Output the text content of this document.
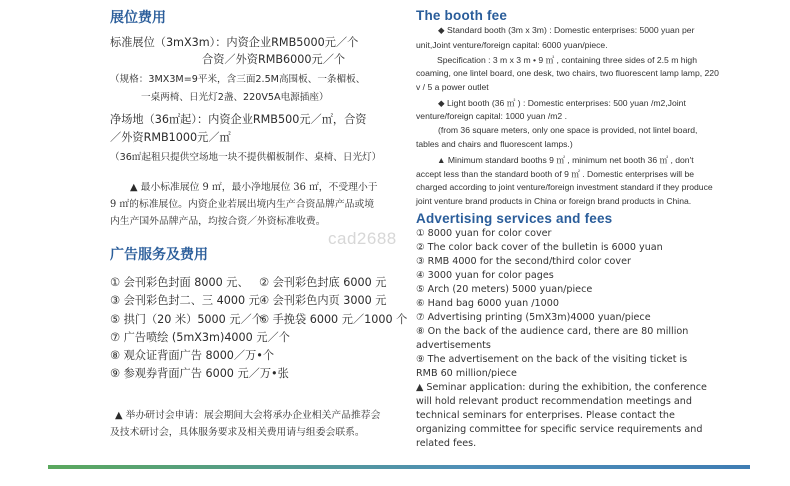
展位费用
标准展位（3mX3m）：内资企业RMB5000元／个
合资／外资RMB6000元／个
（规格：3MX3M=9平米，含三面2.5M高围板、一条楣板、
一桌两椅、日光灯2盏、220V5A电源插座）
净场地（36㎡起）：内资企业RMB500元／㎡，合资
／外资RMB1000元／㎡
（36㎡起租只提供空场地一块不提供楣板制作、桌椅、日光灯）
▲ 最小标准展位 9 ㎡，最小净地展位 36 ㎡，不受理小于
9 ㎡的标准展位。内资企业若展出境内生产合资品牌产品或境
内生产国外品牌产品，均按合资／外资标准收费。
广告服务及费用
① 会刊彩色封面 8000 元、 ② 会刊彩色封底 6000 元
③ 会刊彩色封二、三 4000 元 ④ 会刊彩色内页 3000 元
⑤ 拱门（20 米）5000 元／个
⑥ 手挽袋 6000 元／1000 个
⑦ 广告喷绘 (5mX3m)4000 元／个
⑧ 观众证背面广告 8000／万•个
⑨ 参观券背面广告 6000 元／万•张
▲ 举办研讨会申请：展会期间大会将承办企业相关产品推荐会
及技术研讨会，具体服务要求及相关费用请与组委会联系。
The booth fee
◆ Standard booth (3m x 3m) : Domestic enterprises: 5000 yuan per
unit,Joint venture/foreign capital: 6000 yuan/piece.
Specification : 3 m x 3 m • 9 ㎡ , containing three sides of 2.5 m high
coaming, one lintel board, one desk, two chairs, two fluorescent lamp lamp, 220
v / 5 a power outlet
◆ Light booth (36 ㎡ ) : Domestic enterprises: 500 yuan /m2,Joint
venture/foreign capital: 1000 yuan /m2 .
(from 36 square meters, only one space is provided, not lintel board,
tables and chairs and fluorescent lamps.)
▲ Minimum standard booths 9 ㎡ , minimum net booth 36 ㎡ , don't
accept less than the standard booth of 9 ㎡ . Domestic enterprises will be
charged according to joint venture/foreign investment standard if they produce
joint venture brand products in China or foreign brand products in China.
Advertising services and fees
① 8000 yuan for color cover
② The color back cover of the bulletin is 6000 yuan
③ RMB 4000 for the second/third color cover
④ 3000 yuan for color pages
⑤ Arch (20 meters) 5000 yuan/piece
⑥ Hand bag 6000 yuan /1000
⑦ Advertising printing (5mX3m)4000 yuan/piece
⑧ On the back of the audience card, there are 80 million
advertisements
⑨ The advertisement on the back of the visiting ticket is
RMB 60 million/piece
▲ Seminar application: during the exhibition, the conference
will hold relevant product recommendation meetings and
technical seminars for enterprises. Please contact the
organizing committee for specific service requirements and
related fees.
cad2688
